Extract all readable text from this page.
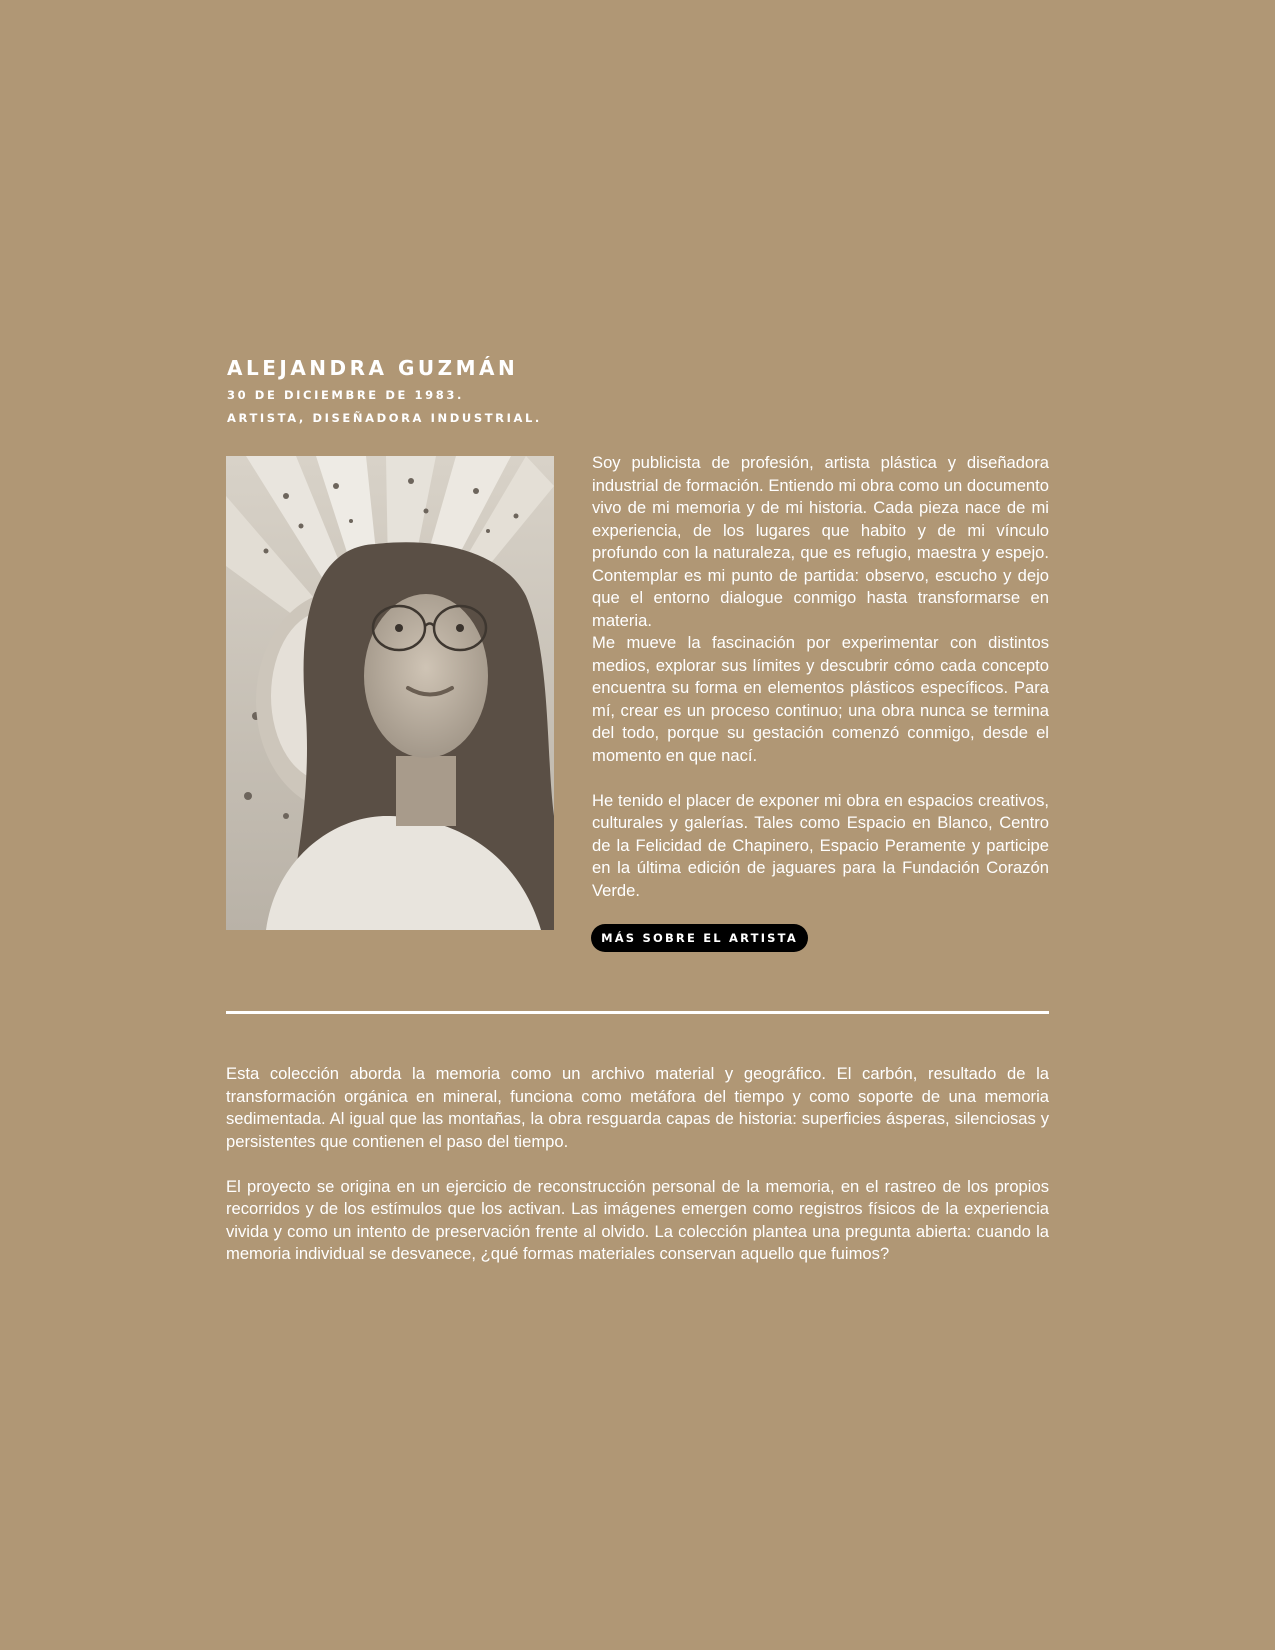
ALEJANDRA GUZMÁN

30 DE DICIEMBRE DE 1983.

ARTISTA, DISEÑADORA INDUSTRIAL.

Soy publicista de profesión, artista plástica y diseñadora industrial de formación. Entiendo mi obra como un documento vivo de mi memoria y de mi historia. Cada pieza nace de mi experiencia, de los lugares que habito y de mi vínculo profundo con la naturaleza, que es refugio, maestra y espejo. Contemplar es mi punto de partida: observo, escucho y dejo que el entorno dialogue conmigo hasta transformarse en materia.

Me mueve la fascinación por experimentar con distintos medios, explorar sus límites y descubrir cómo cada concepto encuentra su forma en elementos plásticos específicos. Para mí, crear es un proceso continuo; una obra nunca se termina del todo, porque su gestación comenzó conmigo, desde el momento en que nací.

He tenido el placer de exponer mi obra en espacios creativos, culturales y galerías. Tales como Espacio en Blanco, Centro de la Felicidad de Chapinero, Espacio Peramente y participe en la última edición de jaguares para la Fundación Corazón Verde.

MÁS SOBRE EL ARTISTA

Esta colección aborda la memoria como un archivo material y geográfico. El carbón, resultado de la transformación orgánica en mineral, funciona como metáfora del tiempo y como soporte de una memoria sedimentada. Al igual que las montañas, la obra resguarda capas de historia: superficies ásperas, silenciosas y persistentes que contienen el paso del tiempo.

El proyecto se origina en un ejercicio de reconstrucción personal de la memoria, en el rastreo de los propios recorridos y de los estímulos que los activan. Las imágenes emergen como registros físicos de la experiencia vivida y como un intento de preservación frente al olvido. La colección plantea una pregunta abierta: cuando la memoria individual se desvanece, ¿qué formas materiales conservan aquello que fuimos?
